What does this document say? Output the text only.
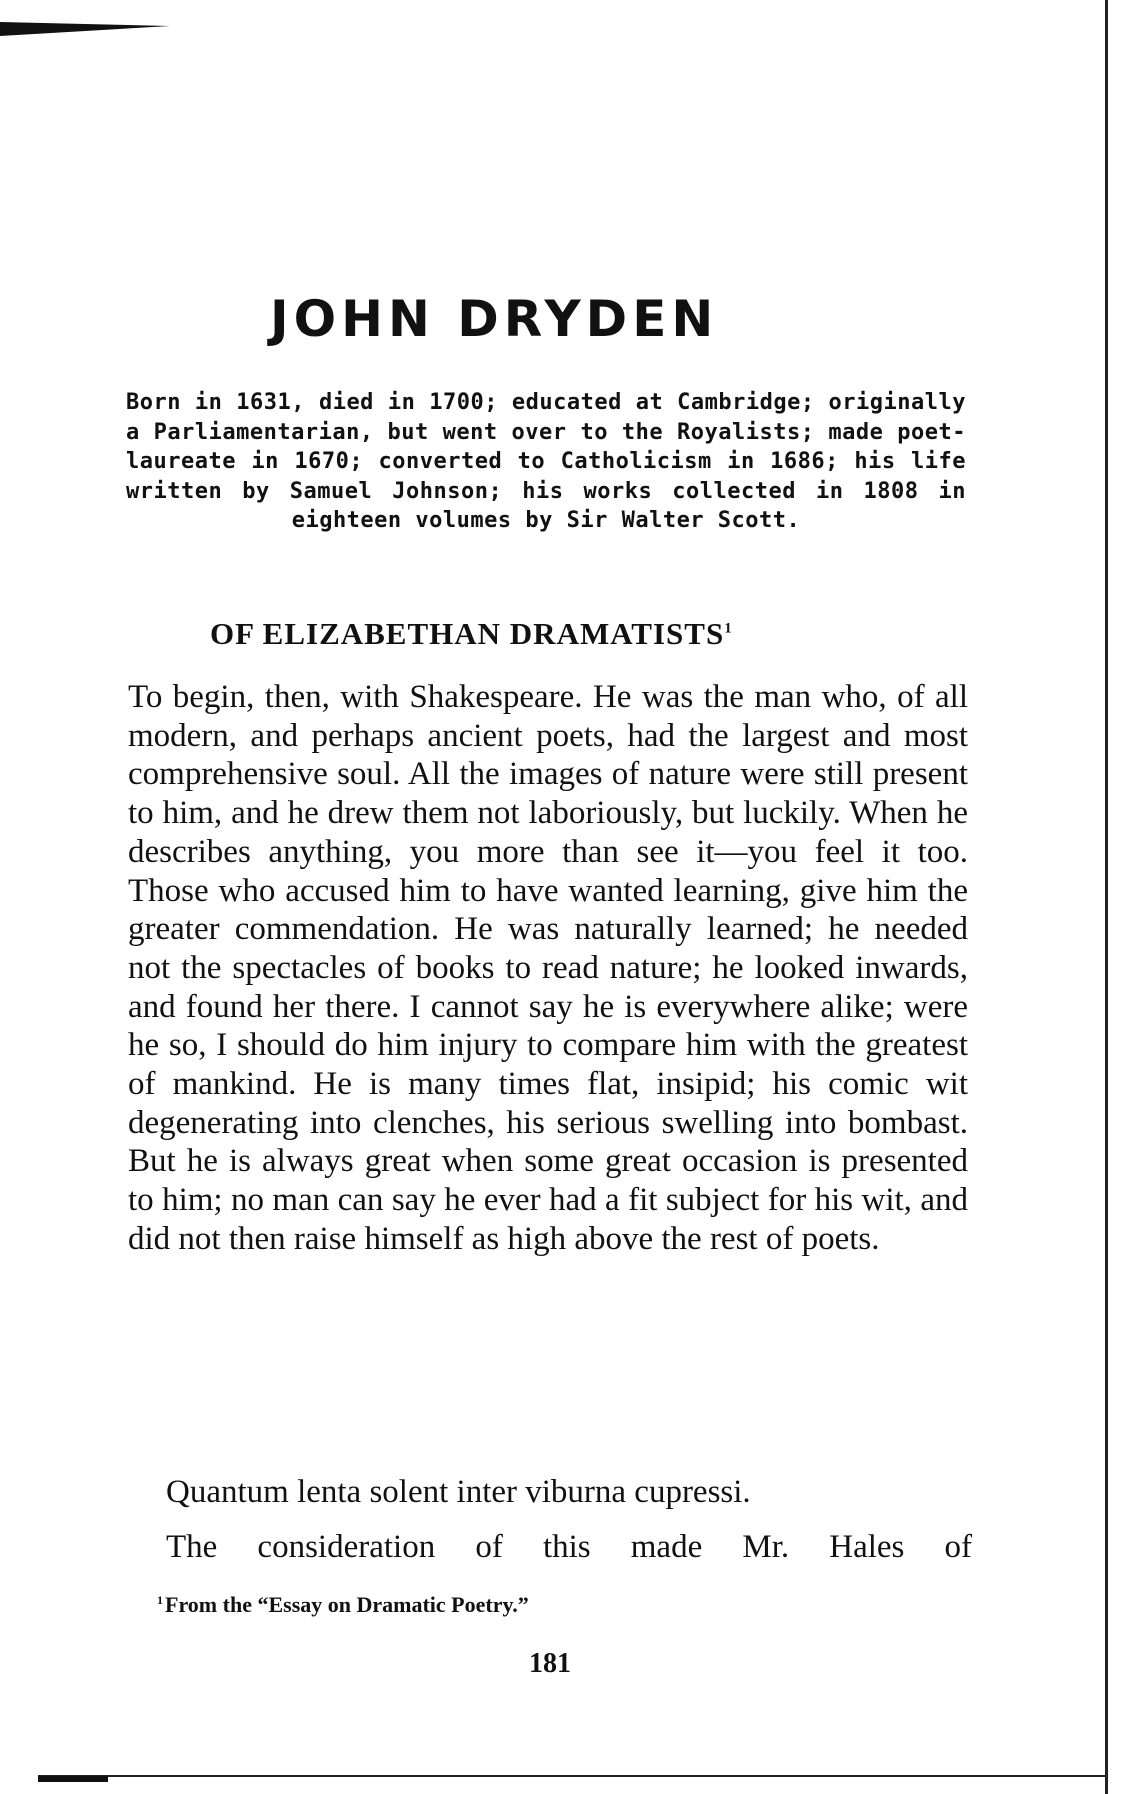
JOHN DRYDEN

Born in 1631, died in 1700; educated at Cambridge; originally a Parliamentarian, but went over to the Royalists; made poet-laureate in 1670; converted to Catholicism in 1686; his life written by Samuel Johnson; his works collected in 1808 in eighteen volumes by Sir Walter Scott.

OF ELIZABETHAN DRAMATISTS$^1$

To begin, then, with Shakespeare. He was the man who, of all modern, and perhaps ancient poets, had the largest and most comprehensive soul. All the images of nature were still present to him, and he drew them not laboriously, but luckily. When he describes anything, you more than see it—you feel it too. Those who accused him to have wanted learning, give him the greater commendation. He was naturally learned; he needed not the spectacles of books to read nature; he looked inwards, and found her there. I cannot say he is everywhere alike; were he so, I should do him injury to compare him with the greatest of mankind. He is many times flat, insipid; his comic wit degenerating into clenches, his serious swelling into bombast. But he is always great when some great occasion is presented to him; no man can say he ever had a fit subject for his wit, and did not then raise himself as high above the rest of poets.

Quantum lenta solent inter viburna cupressi.

The consideration of this made Mr. Hales of

$^1$From the “Essay on Dramatic Poetry.”

181
